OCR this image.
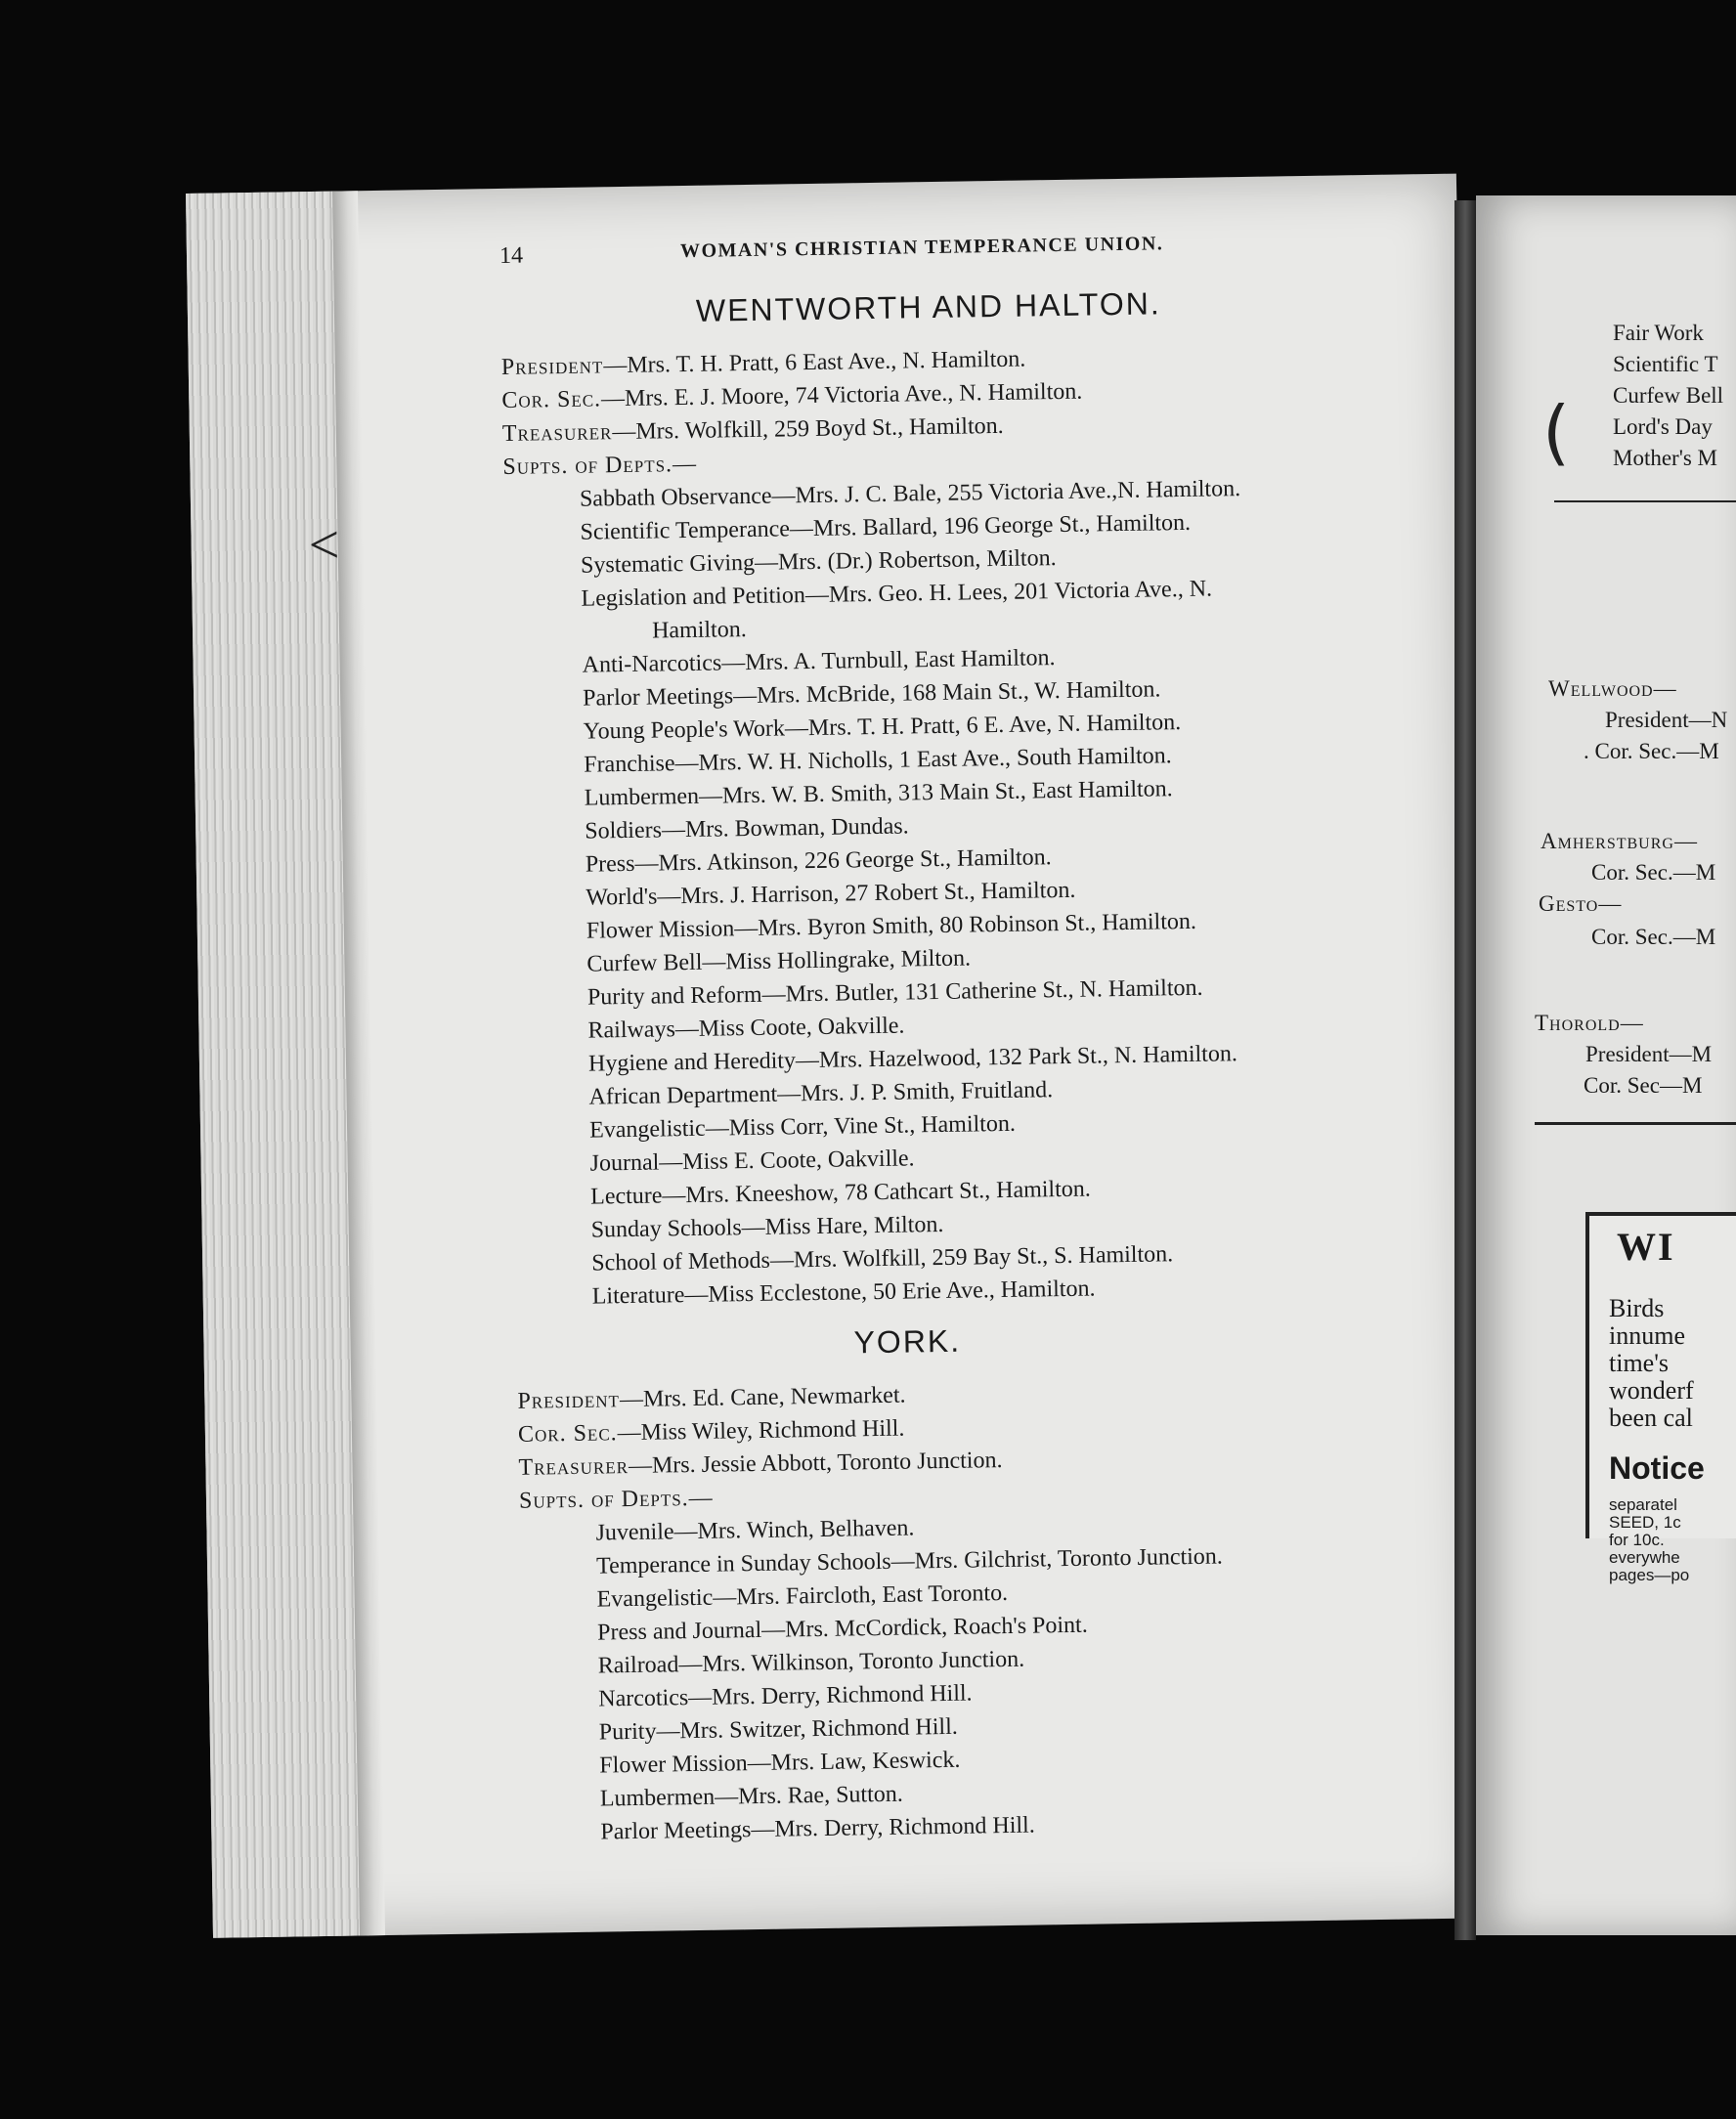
14	WOMAN'S CHRISTIAN TEMPERANCE UNION.
WENTWORTH AND HALTON.
President—Mrs. T. H. Pratt, 6 East Ave., N. Hamilton.
Cor. Sec.—Mrs. E. J. Moore, 74 Victoria Ave., N. Hamilton.
Treasurer—Mrs. Wolfkill, 259 Boyd St., Hamilton.
Supts. of Depts.—
Sabbath Observance—Mrs. J. C. Bale, 255 Victoria Ave.,N. Hamilton.
Scientific Temperance—Mrs. Ballard, 196 George St., Hamilton.
Systematic Giving—Mrs. (Dr.) Robertson, Milton.
Legislation and Petition—Mrs. Geo. H. Lees, 201 Victoria Ave., N.
Hamilton.
Anti-Narcotics—Mrs. A. Turnbull, East Hamilton.
Parlor Meetings—Mrs. McBride, 168 Main St., W. Hamilton.
Young People's Work—Mrs. T. H. Pratt, 6 E. Ave, N. Hamilton.
Franchise—Mrs. W. H. Nicholls, 1 East Ave., South Hamilton.
Lumbermen—Mrs. W. B. Smith, 313 Main St., East Hamilton.
Soldiers—Mrs. Bowman, Dundas.
Press—Mrs. Atkinson, 226 George St., Hamilton.
World's—Mrs. J. Harrison, 27 Robert St., Hamilton.
Flower Mission—Mrs. Byron Smith, 80 Robinson St., Hamilton.
Curfew Bell—Miss Hollingrake, Milton.
Purity and Reform—Mrs. Butler, 131 Catherine St., N. Hamilton.
Railways—Miss Coote, Oakville.
Hygiene and Heredity—Mrs. Hazelwood, 132 Park St., N. Hamilton.
African Department—Mrs. J. P. Smith, Fruitland.
Evangelistic—Miss Corr, Vine St., Hamilton.
Journal—Miss E. Coote, Oakville.
Lecture—Mrs. Kneeshow, 78 Cathcart St., Hamilton.
Sunday Schools—Miss Hare, Milton.
School of Methods—Mrs. Wolfkill, 259 Bay St., S. Hamilton.
Literature—Miss Ecclestone, 50 Erie Ave., Hamilton.
YORK.
President—Mrs. Ed. Cane, Newmarket.
Cor. Sec.—Miss Wiley, Richmond Hill.
Treasurer—Mrs. Jessie Abbott, Toronto Junction.
Supts. of Depts.—
Juvenile—Mrs. Winch, Belhaven.
Temperance in Sunday Schools—Mrs. Gilchrist, Toronto Junction.
Evangelistic—Mrs. Faircloth, East Toronto.
Press and Journal—Mrs. McCordick, Roach's Point.
Railroad—Mrs. Wilkinson, Toronto Junction.
Narcotics—Mrs. Derry, Richmond Hill.
Purity—Mrs. Switzer, Richmond Hill.
Flower Mission—Mrs. Law, Keswick.
Lumbermen—Mrs. Rae, Sutton.
Parlor Meetings—Mrs. Derry, Richmond Hill.
<
Fair Work
Scientific T
Curfew Bell
Lord's Day
Mother's M
(
Wellwood—
President—N
. Cor. Sec.—M
Amherstburg—
Cor. Sec.—M
Gesto—
Cor. Sec.—M
Thorold—
President—M
Cor. Sec—M
WI
Birds
innume
time's
wonderf
been cal
Notice
separatel
SEED, 1c
for 10c.
everywhe
pages—po
